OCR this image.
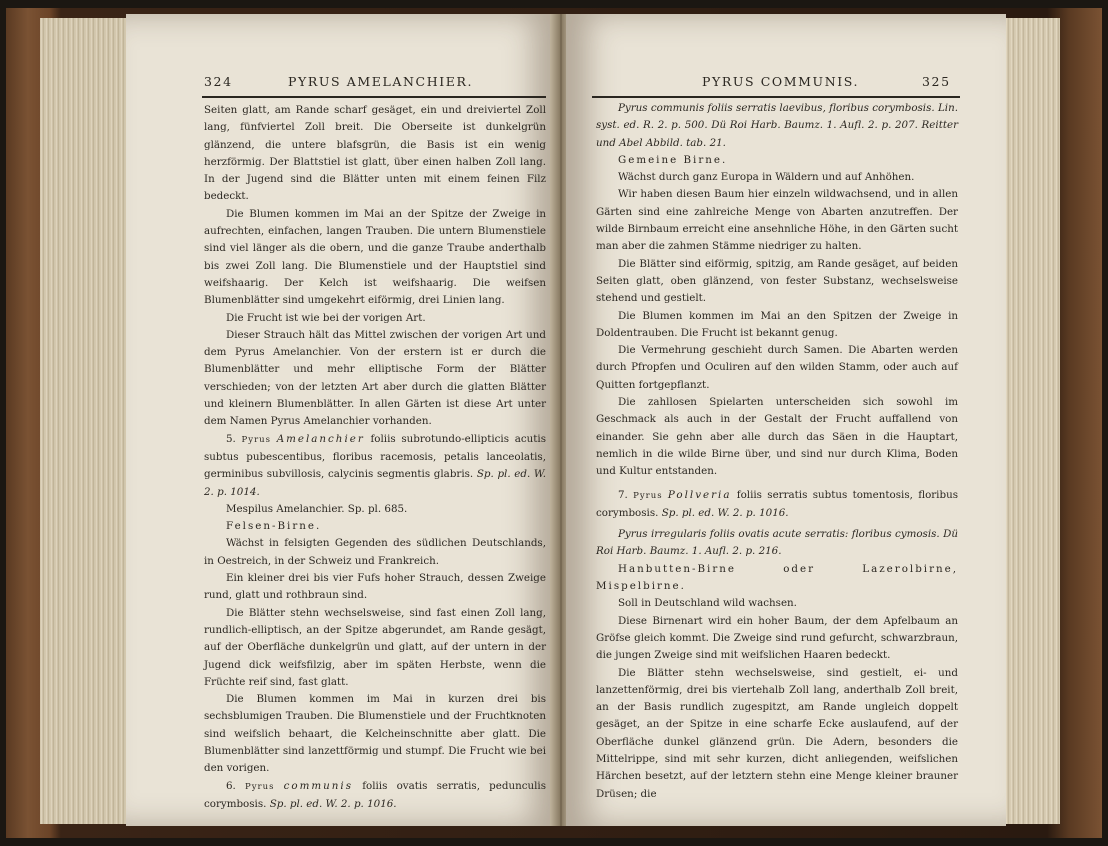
324	PYRUS AMELANCHIER.

Seiten glatt, am Rande scharf gesäget, ein und dreiviertel Zoll lang, fünfviertel Zoll breit. Die Oberseite ist dunkelgrün glänzend, die untere blafsgrün, die Basis ist ein wenig herzförmig. Der Blattstiel ist glatt, über einen halben Zoll lang. In der Jugend sind die Blätter unten mit einem feinen Filz bedeckt.

Die Blumen kommen im Mai an der Spitze der Zweige in aufrechten, einfachen, langen Trauben. Die untern Blumenstiele sind viel länger als die obern, und die ganze Traube anderthalb bis zwei Zoll lang. Die Blumenstiele und der Hauptstiel sind weifshaarig. Der Kelch ist weifshaarig. Die weifsen Blumenblätter sind umgekehrt eiförmig, drei Linien lang.

Die Frucht ist wie bei der vorigen Art.

Dieser Strauch hält das Mittel zwischen der vorigen Art und dem Pyrus Amelanchier. Von der erstern ist er durch die Blumenblätter und mehr elliptische Form der Blätter verschieden; von der letzten Art aber durch die glatten Blätter und kleinern Blumenblätter. In allen Gärten ist diese Art unter dem Namen Pyrus Amelanchier vorhanden.

5. Pyrus Amelanchier foliis subrotundo-ellipticis acutis subtus pubescentibus, floribus racemosis, petalis lanceolatis, germinibus subvillosis, calycinis segmentis glabris. Sp. pl. ed. W. 2. p. 1014.

Mespilus Amelanchier. Sp. pl. 685.

Felsen-Birne.

Wächst in felsigten Gegenden des südlichen Deutschlands, in Oestreich, in der Schweiz und Frankreich.

Ein kleiner drei bis vier Fufs hoher Strauch, dessen Zweige rund, glatt und rothbraun sind.

Die Blätter stehn wechselsweise, sind fast einen Zoll lang, rundlich-elliptisch, an der Spitze abgerundet, am Rande gesägt, auf der Oberfläche dunkelgrün und glatt, auf der untern in der Jugend dick weifsfilzig, aber im späten Herbste, wenn die Früchte reif sind, fast glatt.

Die Blumen kommen im Mai in kurzen drei bis sechsblumigen Trauben. Die Blumenstiele und der Fruchtknoten sind weifslich behaart, die Kelcheinschnitte aber glatt. Die Blumenblätter sind lanzettförmig und stumpf. Die Frucht wie bei den vorigen.

6. Pyrus communis foliis ovatis serratis, pedunculis corymbosis. Sp. pl. ed. W. 2. p. 1016.

PYRUS COMMUNIS.	325

Pyrus communis foliis serratis laevibus, floribus corymbosis. Lin. syst. ed. R. 2. p. 500. Dü Roi Harb. Baumz. 1. Aufl. 2. p. 207. Reitter und Abel Abbild. tab. 21.

Gemeine Birne.

Wächst durch ganz Europa in Wäldern und auf Anhöhen.

Wir haben diesen Baum hier einzeln wildwachsend, und in allen Gärten sind eine zahlreiche Menge von Abarten anzutreffen. Der wilde Birnbaum erreicht eine ansehnliche Höhe, in den Gärten sucht man aber die zahmen Stämme niedriger zu halten.

Die Blätter sind eiförmig, spitzig, am Rande gesäget, auf beiden Seiten glatt, oben glänzend, von fester Substanz, wechselsweise stehend und gestielt.

Die Blumen kommen im Mai an den Spitzen der Zweige in Doldentrauben. Die Frucht ist bekannt genug.

Die Vermehrung geschieht durch Samen. Die Abarten werden durch Pfropfen und Oculiren auf den wilden Stamm, oder auch auf Quitten fortgepflanzt.

Die zahllosen Spielarten unterscheiden sich sowohl im Geschmack als auch in der Gestalt der Frucht auffallend von einander. Sie gehn aber alle durch das Säen in die Hauptart, nemlich in die wilde Birne über, und sind nur durch Klima, Boden und Kultur entstanden.

7. Pyrus Pollveria foliis serratis subtus tomentosis, floribus corymbosis. Sp. pl. ed. W. 2. p. 1016.

Pyrus irregularis foliis ovatis acute serratis: floribus cymosis. Dü Roi Harb. Baumz. 1. Aufl. 2. p. 216.

Hanbutten-Birne oder Lazerolbirne, Mispelbirne.

Soll in Deutschland wild wachsen.

Diese Birnenart wird ein hoher Baum, der dem Apfelbaum an Gröfse gleich kommt. Die Zweige sind rund gefurcht, schwarzbraun, die jungen Zweige sind mit weifslichen Haaren bedeckt.

Die Blätter stehn wechselsweise, sind gestielt, ei- und lanzettenförmig, drei bis viertehalb Zoll lang, anderthalb Zoll breit, an der Basis rundlich zugespitzt, am Rande ungleich doppelt gesäget, an der Spitze in eine scharfe Ecke auslaufend, auf der Oberfläche dunkel glänzend grün. Die Adern, besonders die Mittelrippe, sind mit sehr kurzen, dicht anliegenden, weifslichen Härchen besetzt, auf der letztern stehn eine Menge kleiner brauner Drüsen; die
